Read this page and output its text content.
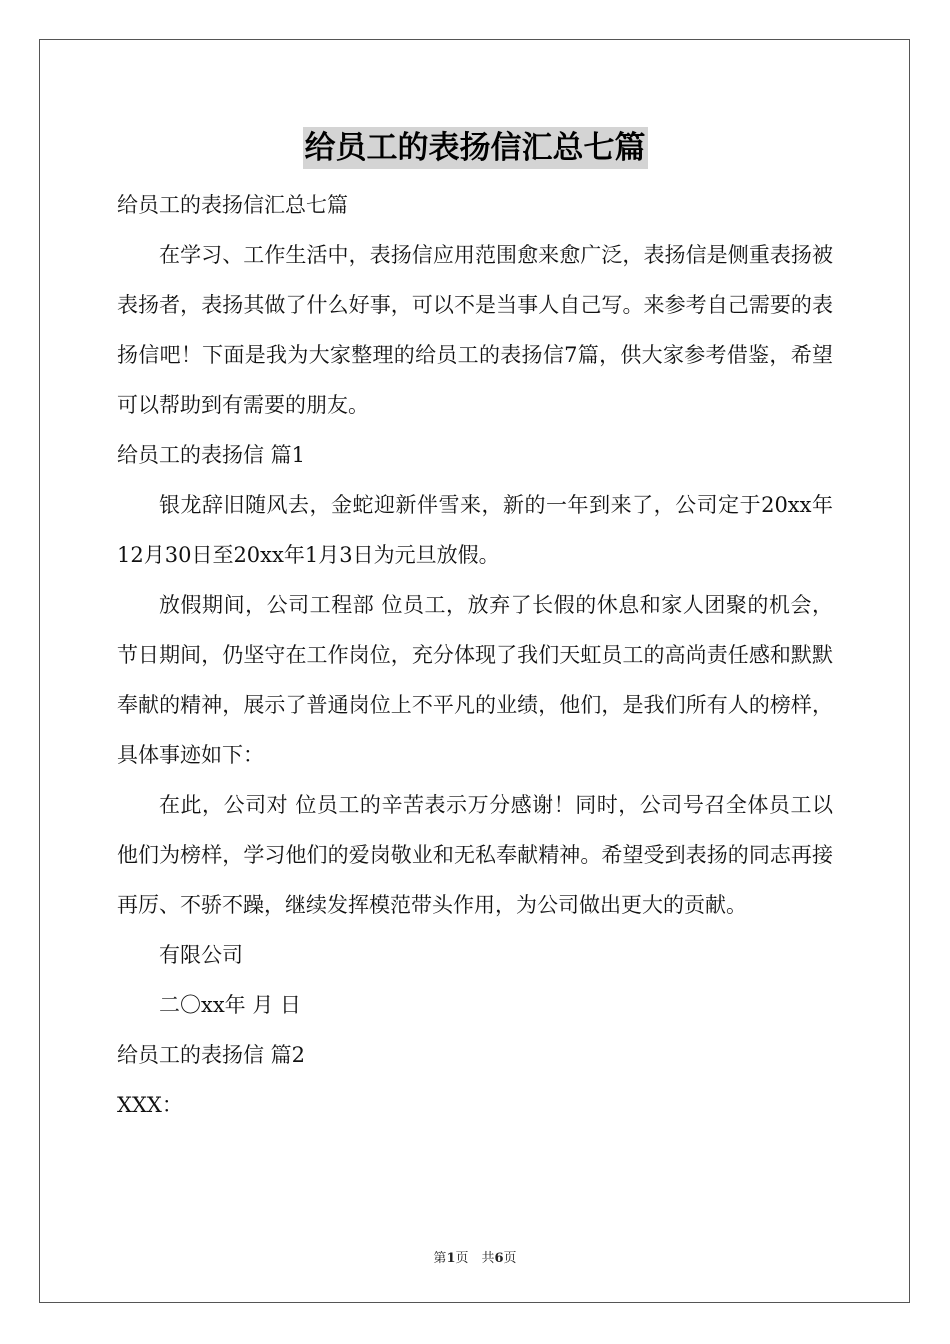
给员工的表扬信汇总七篇

给员工的表扬信汇总七篇

在学习、工作生活中，表扬信应用范围愈来愈广泛，表扬信是侧重表扬被表扬者，表扬其做了什么好事，可以不是当事人自己写。来参考自己需要的表扬信吧！下面是我为大家整理的给员工的表扬信7篇，供大家参考借鉴，希望可以帮助到有需要的朋友。

给员工的表扬信 篇1

银龙辞旧随风去，金蛇迎新伴雪来，新的一年到来了，公司定于20xx年12月30日至20xx年1月3日为元旦放假。

放假期间，公司工程部 位员工，放弃了长假的休息和家人团聚的机会，节日期间，仍坚守在工作岗位，充分体现了我们天虹员工的高尚责任感和默默奉献的精神，展示了普通岗位上不平凡的业绩，他们，是我们所有人的榜样，具体事迹如下：

在此，公司对 位员工的辛苦表示万分感谢！同时，公司号召全体员工以他们为榜样，学习他们的爱岗敬业和无私奉献精神。希望受到表扬的同志再接再厉、不骄不躁，继续发挥模范带头作用，为公司做出更大的贡献。

有限公司

二〇xx年 月 日

给员工的表扬信 篇2

XXX：

第1页　共6页
